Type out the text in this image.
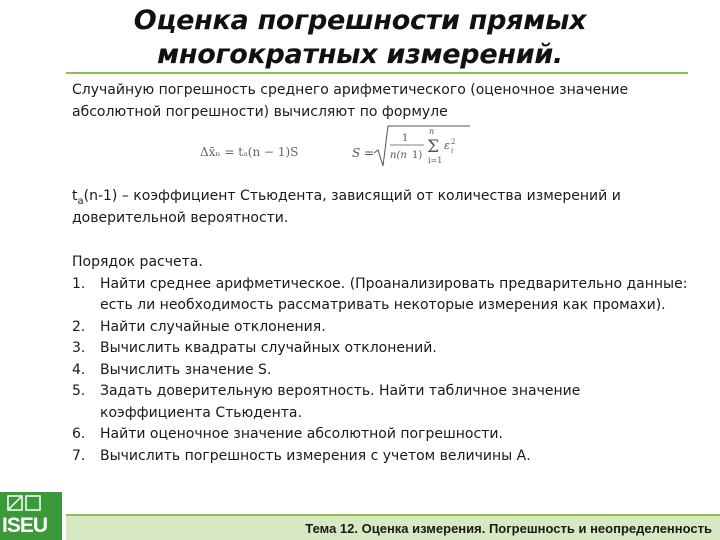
Оценка погрешности прямых многократных измерений.
Случайную погрешность среднего арифметического (оценочное значение абсолютной погрешности) вычисляют по формуле
Δx̄ₙ = tₐ(n − 1)S	S =
1
n(n 1)
n
Σ
i=1
ε 2
i
$t_a(n-1)$ – коэффициент Стьюдента, зависящий от количества измерений и доверительной вероятности.
Порядок расчета.
1. Найти среднее арифметическое. (Проанализировать предварительно данные: есть ли необходимость рассматривать некоторые измерения как промахи).
2. Найти случайные отклонения.
3. Вычислить квадраты случайных отклонений.
4. Вычислить значение S.
5. Задать доверительную вероятность. Найти табличное значение коэффициента Стьюдента.
6. Найти оценочное значение абсолютной погрешности.
7. Вычислить погрешность измерения с учетом величины А.
ISEU	Тема 12. Оценка измерения. Погрешность и неопределенность
